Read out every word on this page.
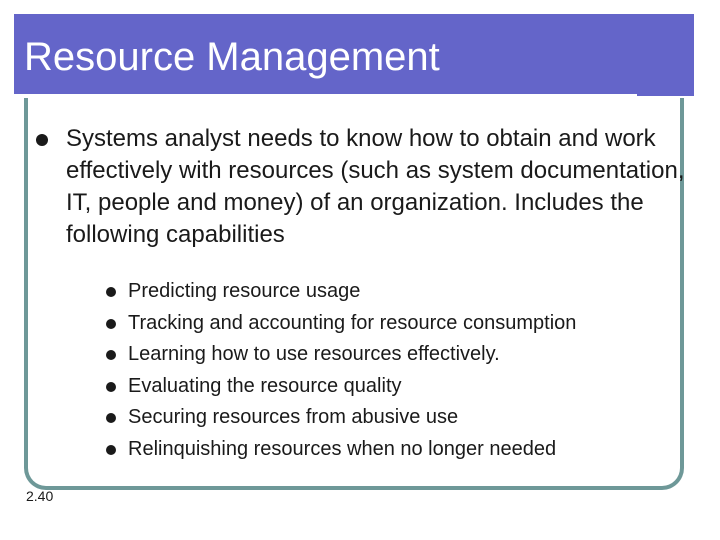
Resource Management
Systems analyst needs to know how to obtain and work effectively with resources (such as system documentation, IT, people and money) of an organization. Includes the following capabilities
Predicting resource usage
Tracking and accounting for resource consumption
Learning how to use resources effectively.
Evaluating the resource quality
Securing resources from abusive use
Relinquishing resources when no longer needed
2.40
